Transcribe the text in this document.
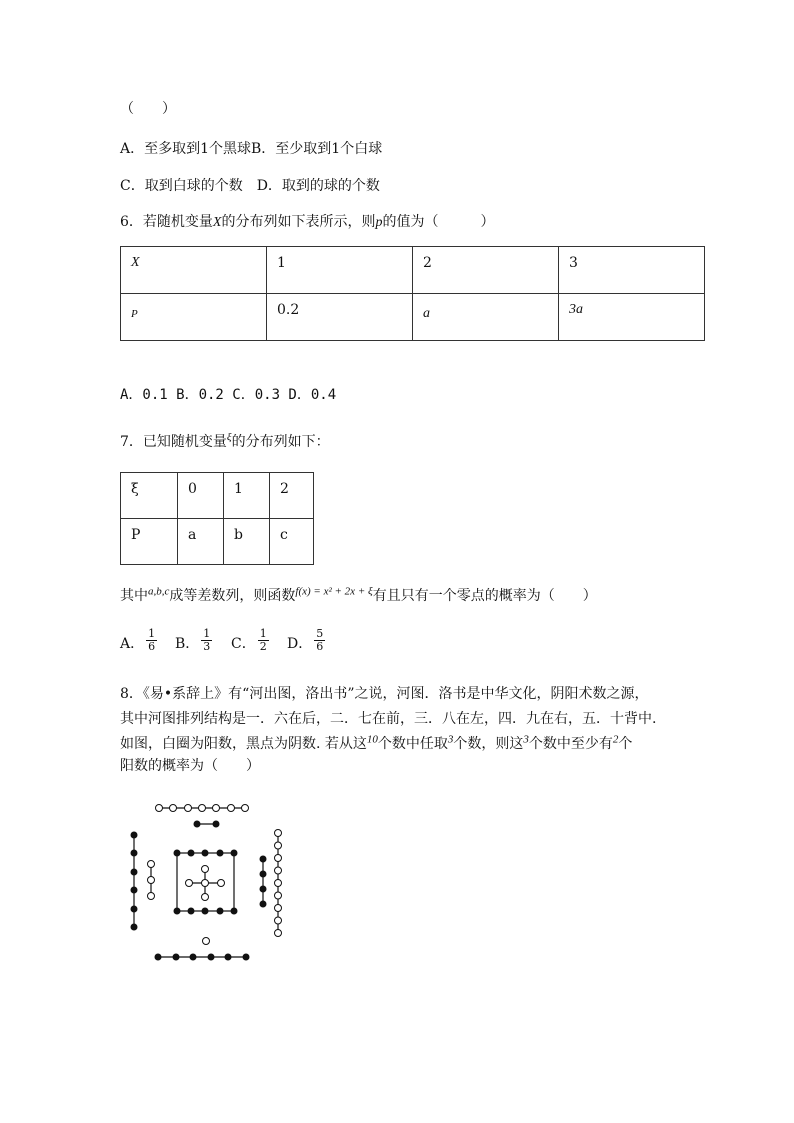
（　　）
A．至多取到1个黑球B．至少取到1个白球
C．取到白球的个数　D．取到的球的个数
6．若随机变量X的分布列如下表所示，则p的值为（　　　）
X	1	2	3
P	0.2	a	3a
A．0.1 B．0.2 C．0.3 D．0.4
7．已知随机变量$^\xi$的分布列如下：
ξ	0	1	2
P	a	b	c
其中$^{a,b,c}$成等差数列，则函数$^{f(x) = x^2 + 2x + \xi}$有且只有一个零点的概率为（　　）
A． $\frac{1}{6}$ B． $\frac{1}{3}$ C． $\frac{1}{2}$ D． $\frac{5}{6}$
8．《易•系辞上》有“河出图，洛出书”之说，河图．洛书是中华文化，阴阳术数之源，
其中河图排列结构是一．六在后，二．七在前，三．八在左，四．九在右，五．十背中.
如图，白圈为阳数，黑点为阴数. 若从这$^{10}$个数中任取$^3$个数，则这$^3$个数中至少有$^2$个
阳数的概率为（　　）
